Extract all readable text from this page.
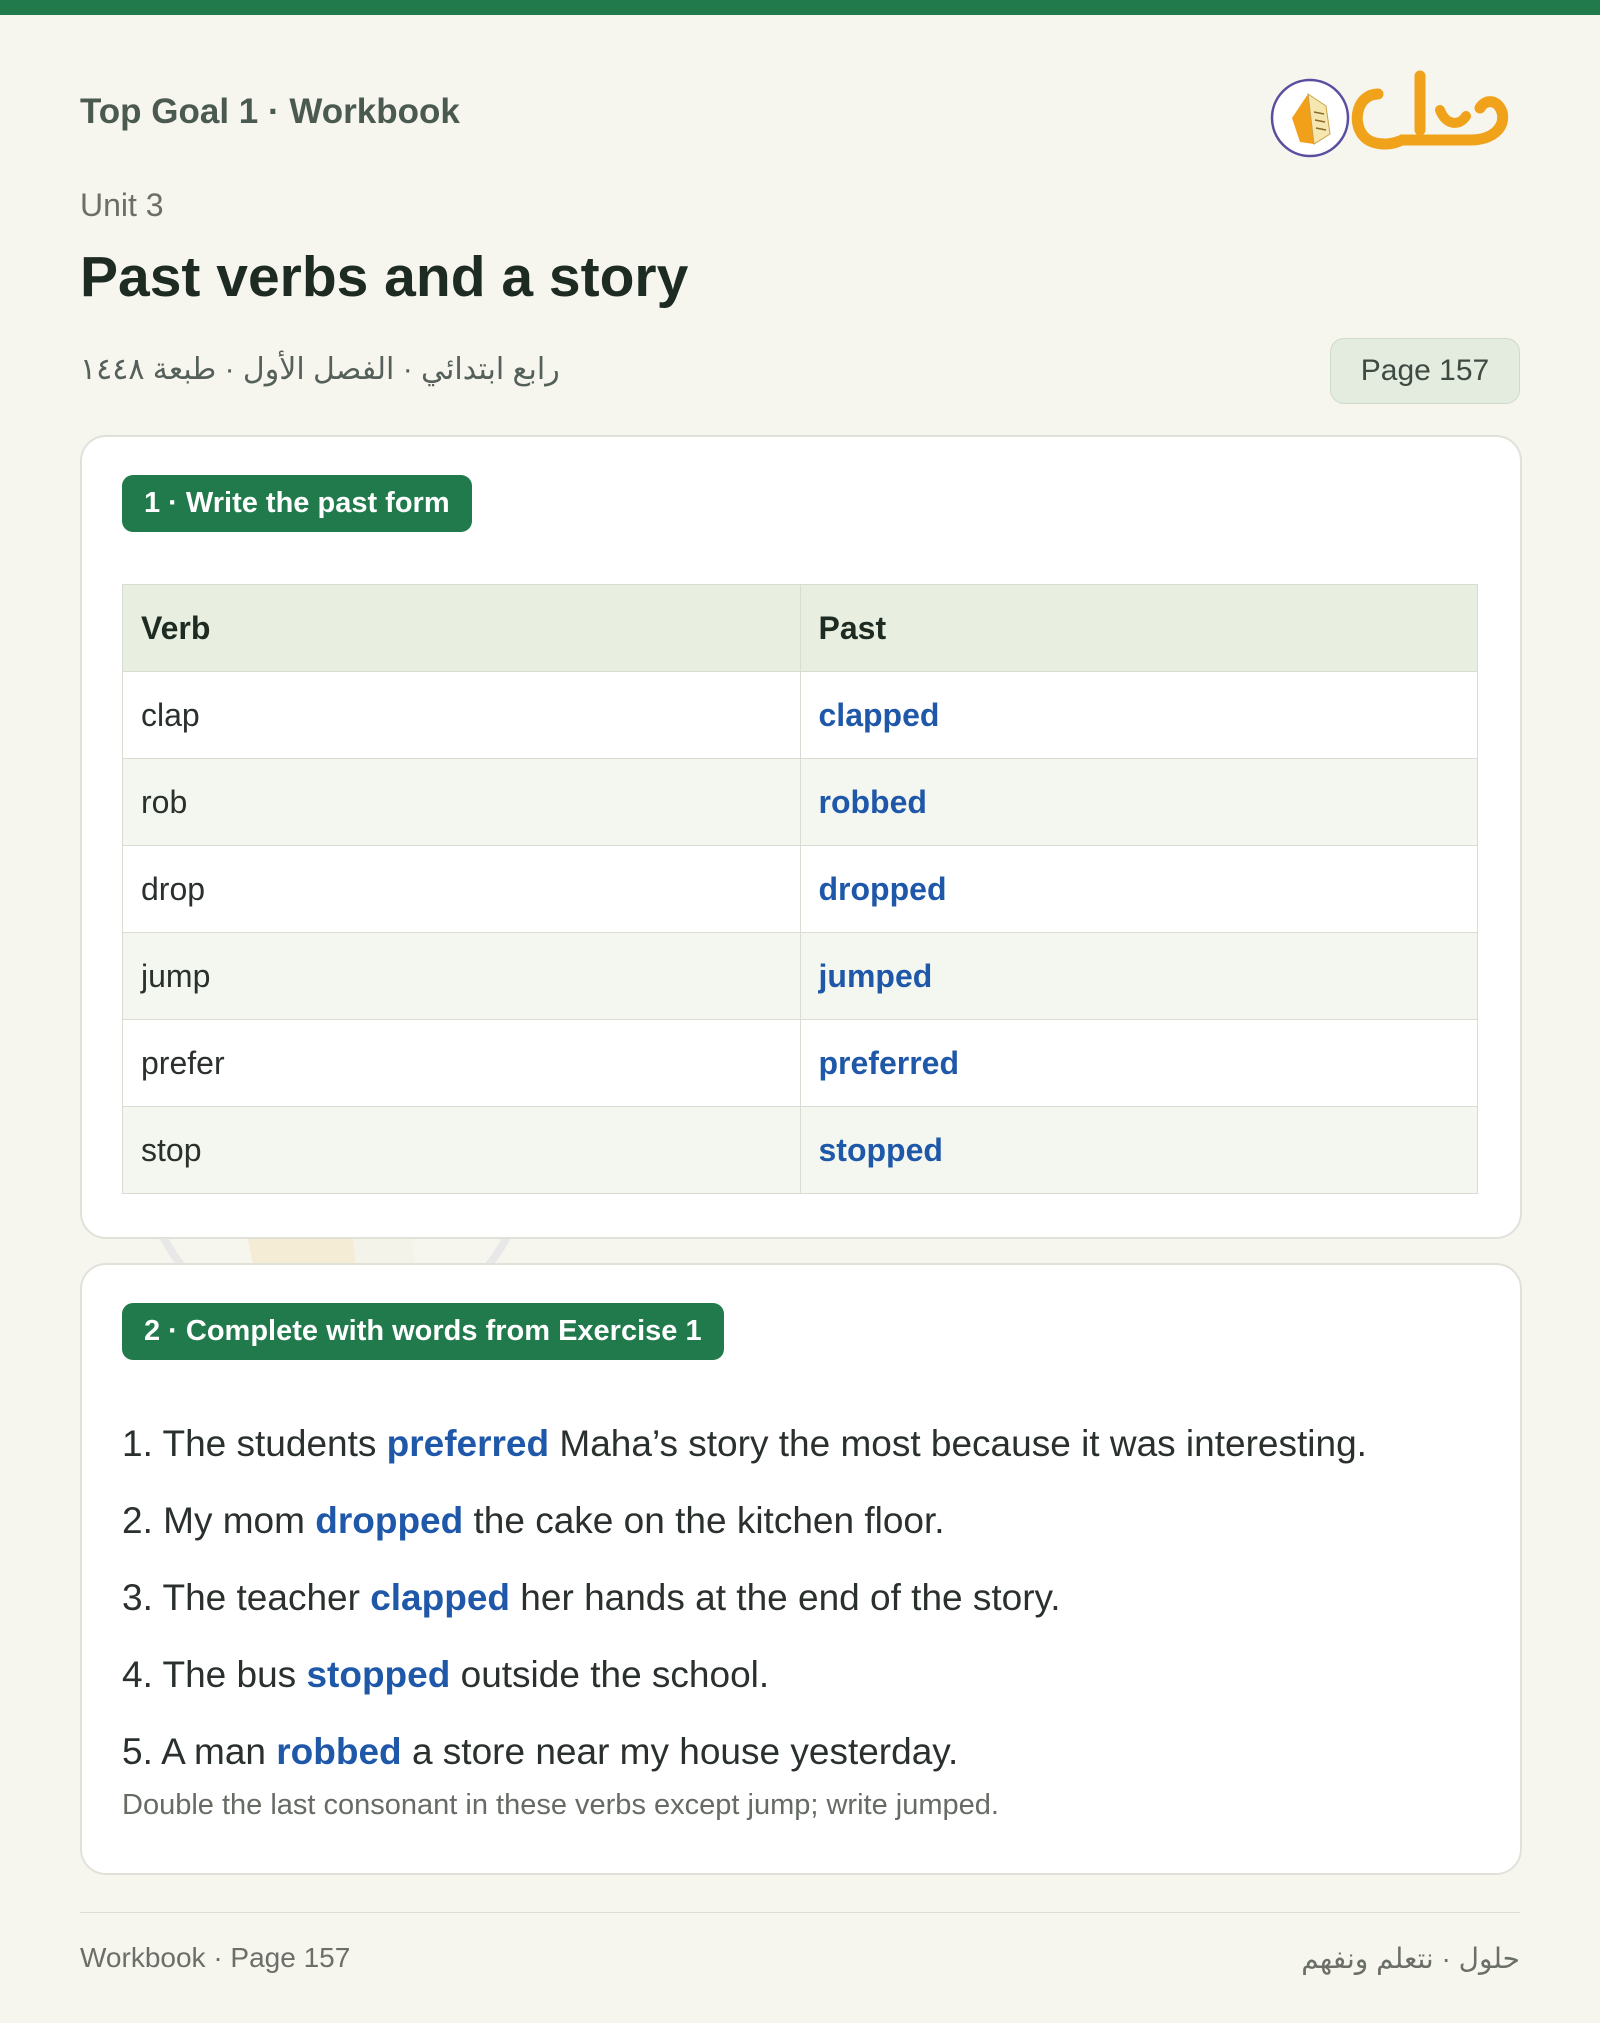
Top Goal 1 · Workbook
Unit 3
Past verbs and a story
رابع ابتدائي · الفصل الأول · طبعة ١٤٤٨	Page 157
1 · Write the past form
Verb	Past
clap	clapped
rob	robbed
drop	dropped
jump	jumped
prefer	preferred
stop	stopped
2 · Complete with words from Exercise 1
1. The students preferred Maha’s story the most because it was interesting.
2. My mom dropped the cake on the kitchen floor.
3. The teacher clapped her hands at the end of the story.
4. The bus stopped outside the school.
5. A man robbed a store near my house yesterday.
Double the last consonant in these verbs except jump; write jumped.
Workbook · Page 157	حلول · نتعلم ونفهم
